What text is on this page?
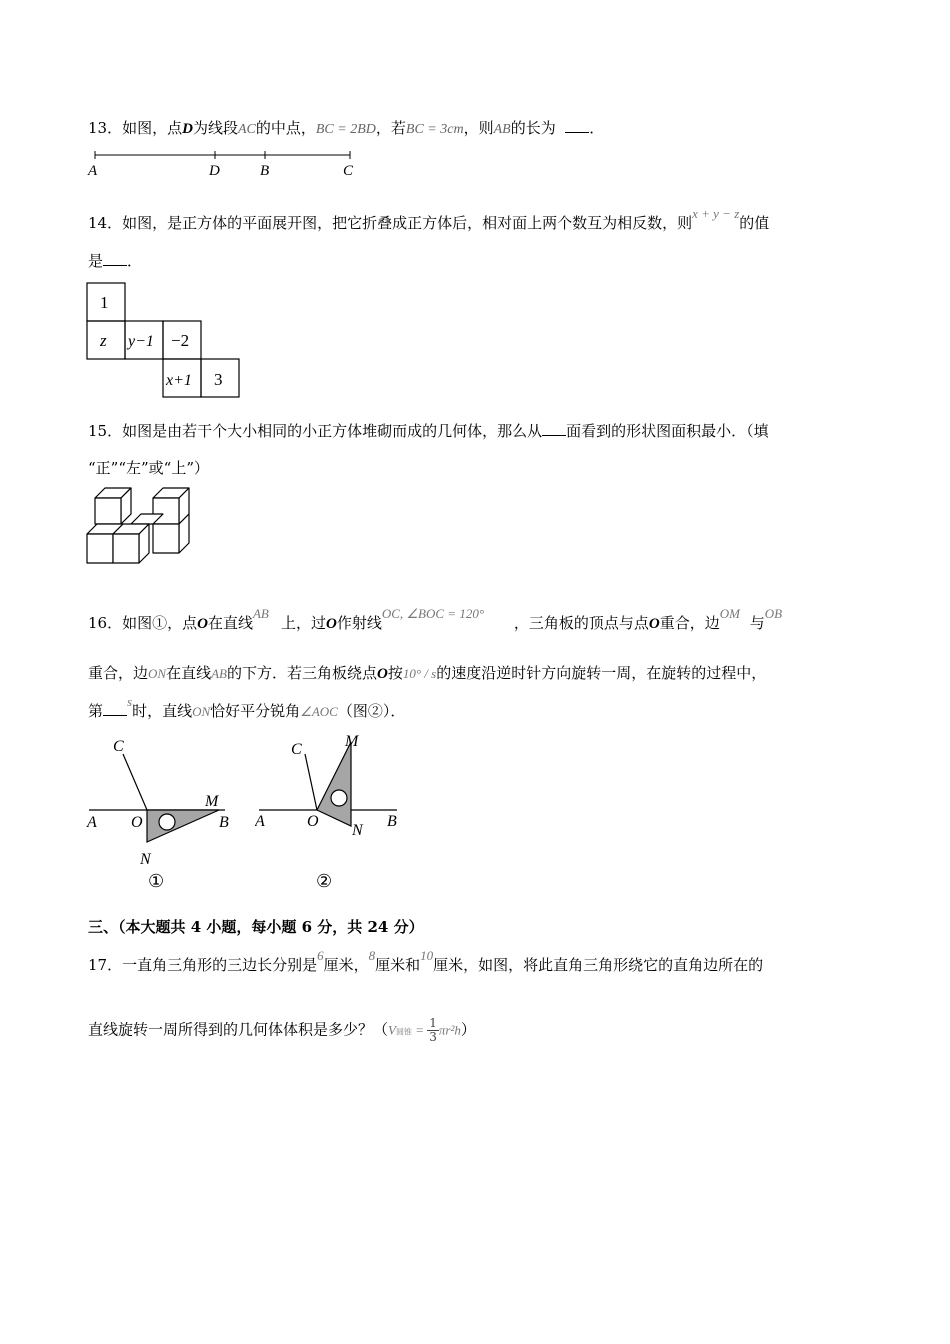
13．如图，点D为线段AC的中点，BC = 2BD，若BC = 3cm，则AB的长为 ．
A	D	B	C
14．如图，是正方体的平面展开图，把它折叠成正方体后，相对面上两个数互为相反数，则x + y − z的值
是 ．
1
z y−1 −2
x+1 3
15．如图是由若干个大小相同的小正方体堆砌而成的几何体，那么从 面看到的形状图面积最小．（填
“正”“左”或“上”）
16．如图①，点O在直线AB上，过O作射线OC, ∠BOC = 120°，三角板的顶点与点O重合，边OM与OB
重合，边ON在直线AB的下方．若三角板绕点O按10° / s的速度沿逆时针方向旋转一周，在旋转的过程中，
第s时，直线ON恰好平分锐角∠AOC（图②）．
C
M
A O	B
N
①
C	M
A	O	B
N
②
三、（本大题共 4 小题，每小题 6 分，共 24 分）
17．一直角三角形的三边长分别是6厘米，8厘米和10厘米，如图，将此直角三角形绕它的直角边所在的
直线旋转一周所得到的几何体体积是多少？（V圆锥 = $\frac{1}{3} \pi r^2h$）
